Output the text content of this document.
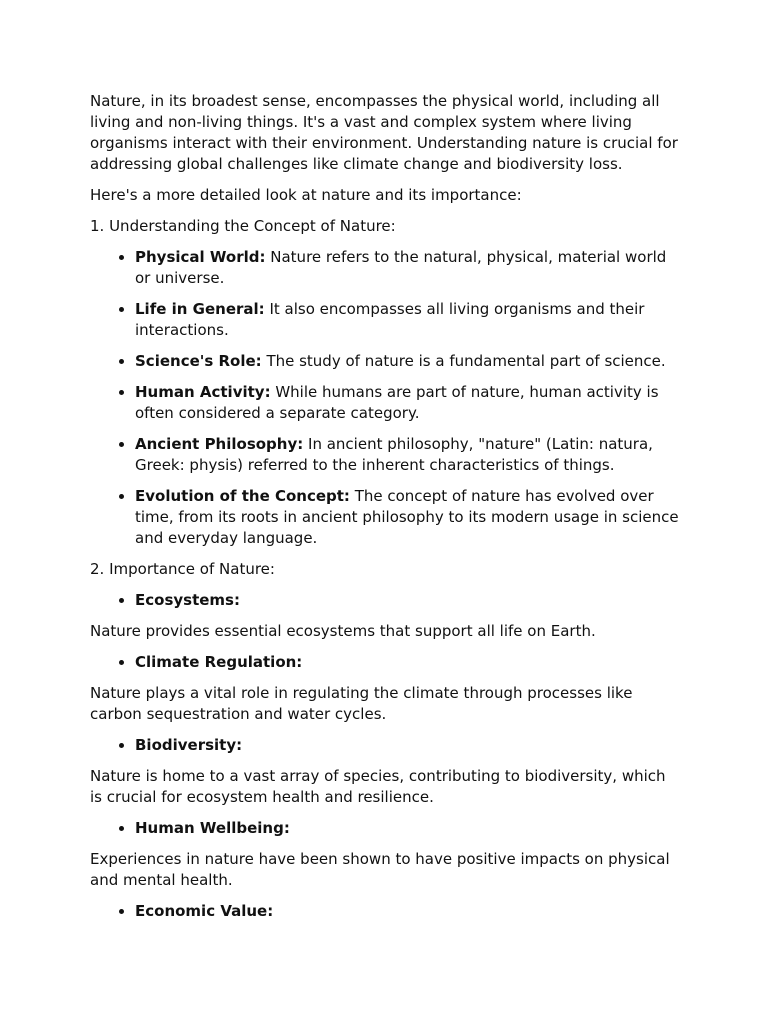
Nature, in its broadest sense, encompasses the physical world, including all living and non-living things. It's a vast and complex system where living organisms interact with their environment. Understanding nature is crucial for addressing global challenges like climate change and biodiversity loss.

Here's a more detailed look at nature and its importance:

1. Understanding the Concept of Nature:

• Physical World: Nature refers to the natural, physical, material world or universe.
• Life in General: It also encompasses all living organisms and their interactions.
• Science's Role: The study of nature is a fundamental part of science.
• Human Activity: While humans are part of nature, human activity is often considered a separate category.
• Ancient Philosophy: In ancient philosophy, "nature" (Latin: natura, Greek: physis) referred to the inherent characteristics of things.
• Evolution of the Concept: The concept of nature has evolved over time, from its roots in ancient philosophy to its modern usage in science and everyday language.

2. Importance of Nature:

• Ecosystems:

Nature provides essential ecosystems that support all life on Earth.

• Climate Regulation:

Nature plays a vital role in regulating the climate through processes like carbon sequestration and water cycles.

• Biodiversity:

Nature is home to a vast array of species, contributing to biodiversity, which is crucial for ecosystem health and resilience.

• Human Wellbeing:

Experiences in nature have been shown to have positive impacts on physical and mental health.

• Economic Value:
